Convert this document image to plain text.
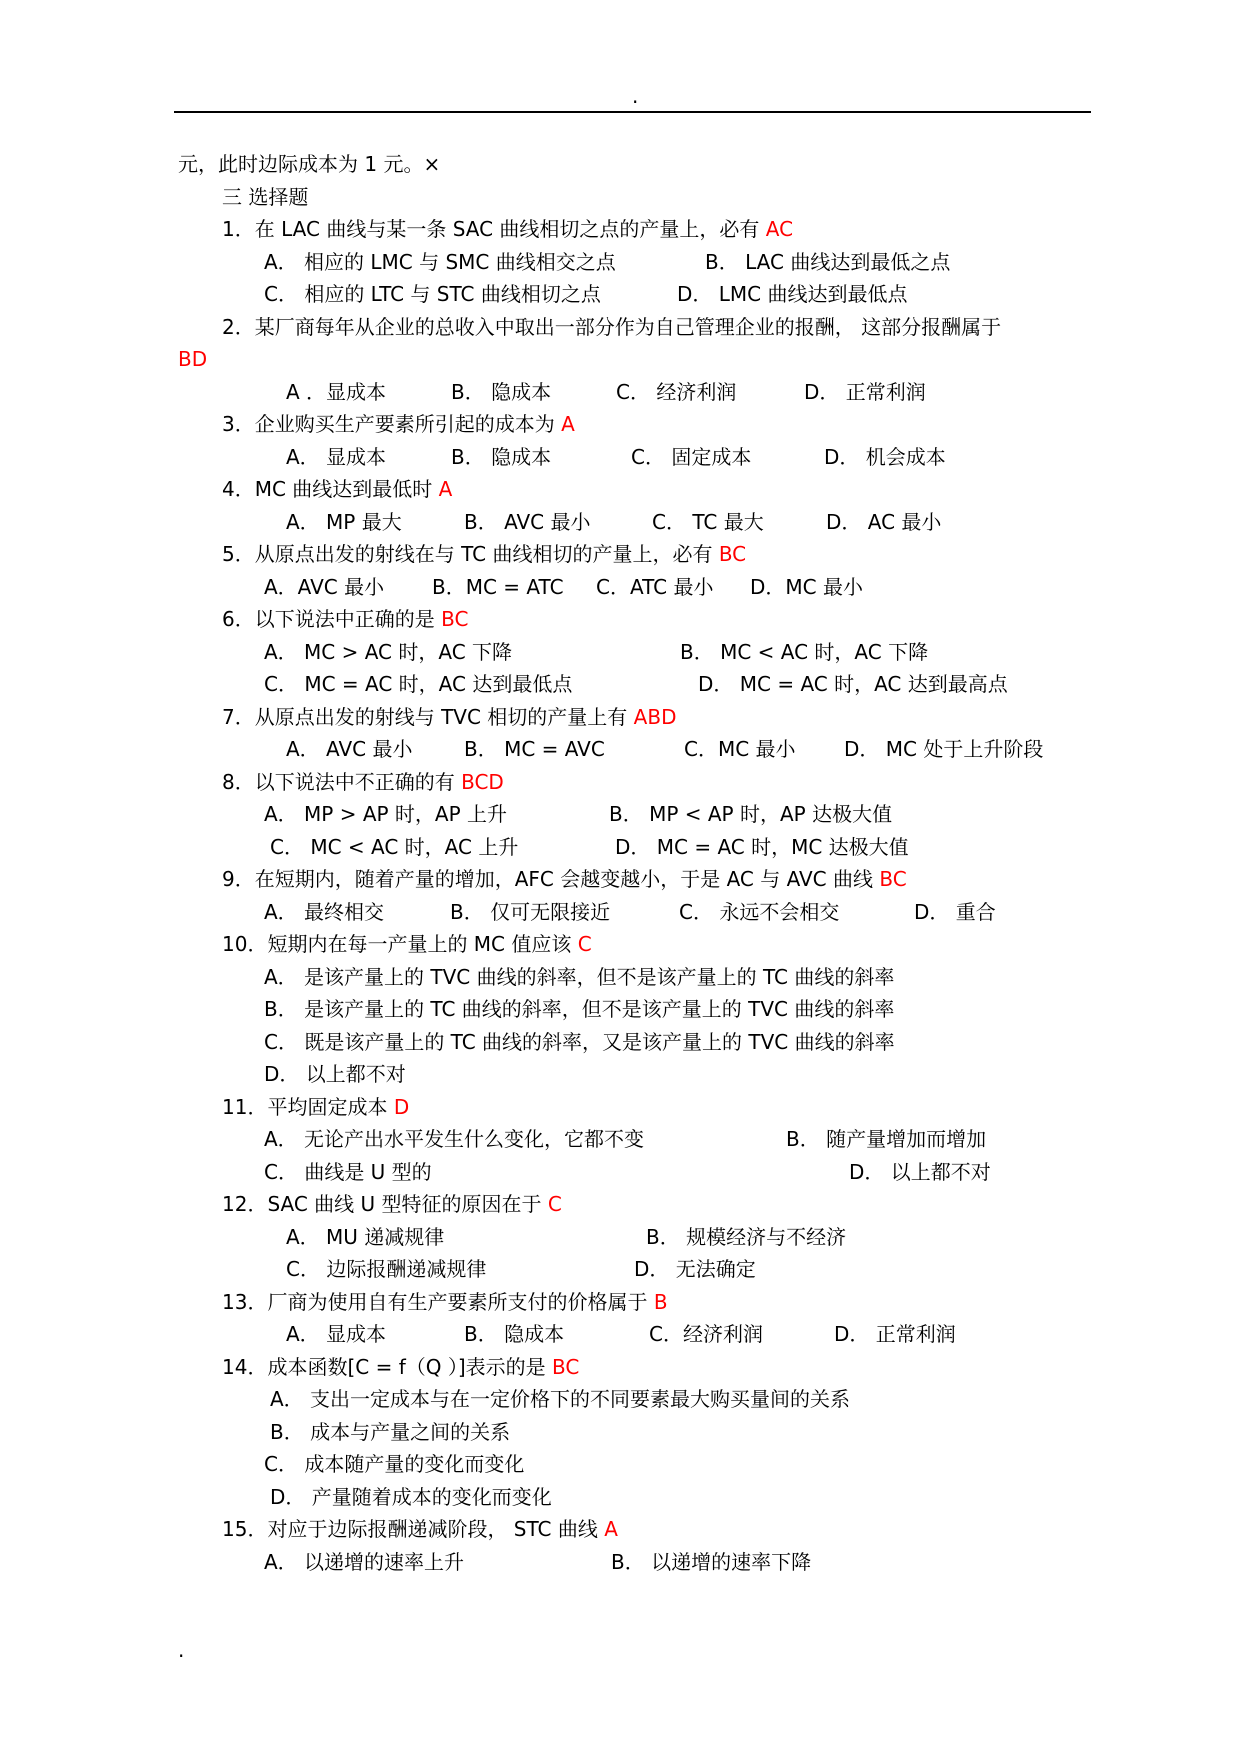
.
元，此时边际成本为 1 元。×
三 选择题
1．在 LAC 曲线与某一条 SAC 曲线相切之点的产量上，必有 AC
A． 相应的 LMC 与 SMC 曲线相交之点	B． LAC 曲线达到最低之点
C． 相应的 LTC 与 STC 曲线相切之点	D． LMC 曲线达到最低点
2．某厂商每年从企业的总收入中取出一部分作为自己管理企业的报酬， 这部分报酬属于
BD
A ．显成本	B． 隐成本	C． 经济利润	D． 正常利润
3．企业购买生产要素所引起的成本为 A
A． 显成本	B． 隐成本	C． 固定成本	D． 机会成本
4．MC 曲线达到最低时 A
A． MP 最大	B． AVC 最小	C． TC 最大	D． AC 最小
5．从原点出发的射线在与 TC 曲线相切的产量上，必有 BC
A．AVC 最小 B．MC = ATC C．ATC 最小 D．MC 最小
6．以下说法中正确的是 BC
A． MC > AC 时，AC 下降	B． MC < AC 时，AC 下降
C． MC = AC 时，AC 达到最低点	D． MC = AC 时，AC 达到最高点
7．从原点出发的射线与 TVC 相切的产量上有 ABD
A． AVC 最小	B． MC = AVC	C．MC 最小 D． MC 处于上升阶段
8．以下说法中不正确的有 BCD
A． MP > AP 时，AP 上升	B． MP < AP 时，AP 达极大值
C． MC < AC 时，AC 上升	D． MC = AC 时，MC 达极大值
9．在短期内，随着产量的增加，AFC 会越变越小，于是 AC 与 AVC 曲线 BC
A． 最终相交	B． 仅可无限接近	C． 永远不会相交	D． 重合
10．短期内在每一产量上的 MC 值应该 C
A． 是该产量上的 TVC 曲线的斜率，但不是该产量上的 TC 曲线的斜率
B． 是该产量上的 TC 曲线的斜率，但不是该产量上的 TVC 曲线的斜率
C． 既是该产量上的 TC 曲线的斜率，又是该产量上的 TVC 曲线的斜率
D． 以上都不对
11．平均固定成本 D
A． 无论产出水平发生什么变化，它都不变	B． 随产量增加而增加
C． 曲线是 U 型的	D． 以上都不对
12．SAC 曲线 U 型特征的原因在于 C
A． MU 递减规律	B． 规模经济与不经济
C． 边际报酬递减规律	D． 无法确定
13．厂商为使用自有生产要素所支付的价格属于 B
A． 显成本	B． 隐成本	C．经济利润	D． 正常利润
14．成本函数[C = f（Q ）]表示的是 BC
A． 支出一定成本与在一定价格下的不同要素最大购买量间的关系
B． 成本与产量之间的关系
C． 成本随产量的变化而变化
D． 产量随着成本的变化而变化
15．对应于边际报酬递减阶段， STC 曲线 A
A． 以递增的速率上升	B． 以递增的速率下降
.
